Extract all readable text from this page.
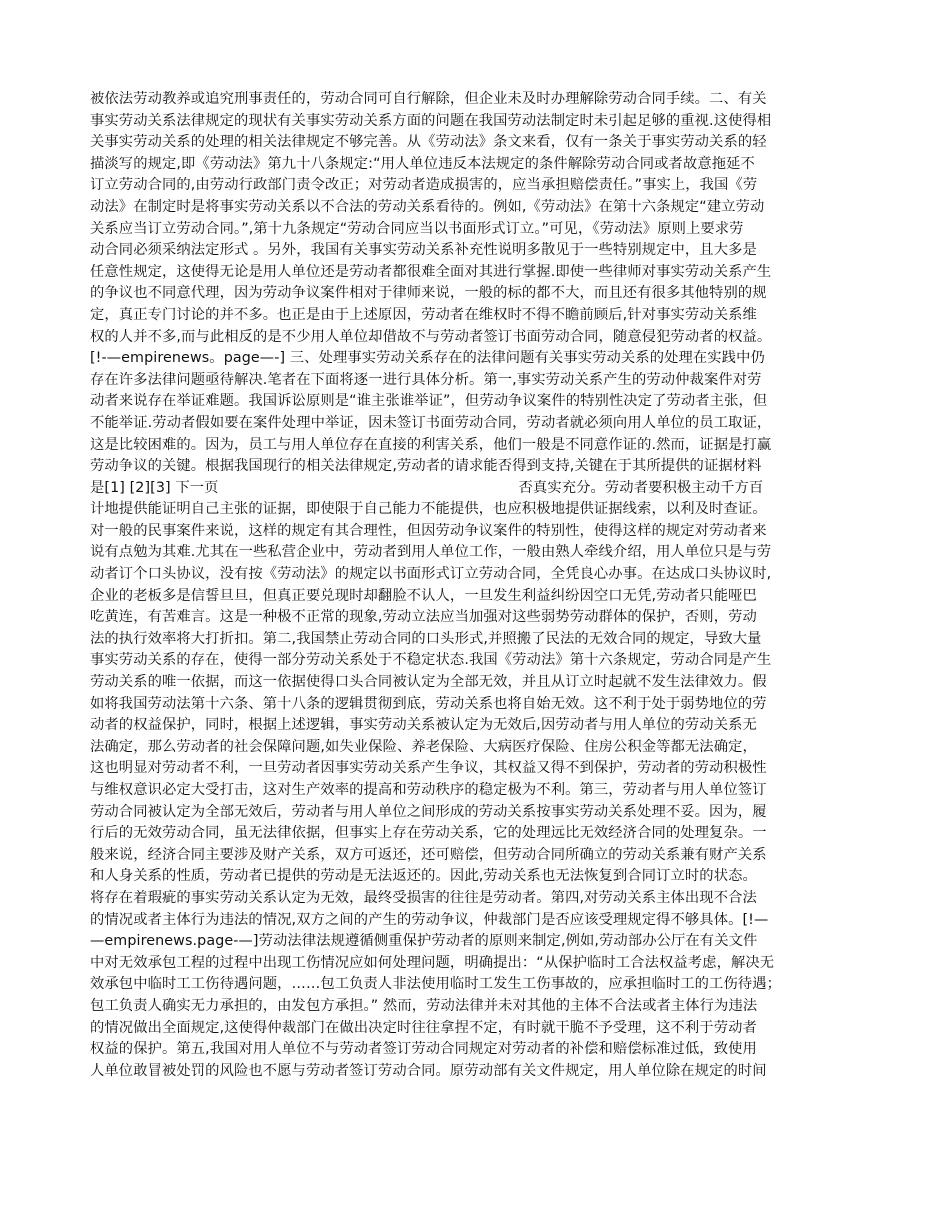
被依法劳动教养或追究刑事责任的，劳动合同可自行解除，但企业未及时办理解除劳动合同手续。二、有关
事实劳动关系法律规定的现状有关事实劳动关系方面的问题在我国劳动法制定时未引起足够的重视.这使得相
关事实劳动关系的处理的相关法律规定不够完善。从《劳动法》条文来看，仅有一条关于事实劳动关系的轻
描淡写的规定,即《劳动法》第九十八条规定:“用人单位违反本法规定的条件解除劳动合同或者故意拖延不
订立劳动合同的,由劳动行政部门责令改正；对劳动者造成损害的，应当承担赔偿责任。”事实上，我国《劳
动法》在制定时是将事实劳动关系以不合法的劳动关系看待的。例如,《劳动法》在第十六条规定“建立劳动
关系应当订立劳动合同。”,第十九条规定“劳动合同应当以书面形式订立。”可见，《劳动法》原则上要求劳
动合同必须采纳法定形式 。另外，我国有关事实劳动关系补充性说明多散见于一些特别规定中，且大多是
任意性规定，这使得无论是用人单位还是劳动者都很难全面对其进行掌握.即使一些律师对事实劳动关系产生
的争议也不同意代理，因为劳动争议案件相对于律师来说，一般的标的都不大，而且还有很多其他特别的规
定，真正专门讨论的并不多。也正是由于上述原因，劳动者在维权时不得不瞻前顾后,针对事实劳动关系维
权的人并不多,而与此相反的是不少用人单位却借故不与劳动者签订书面劳动合同，随意侵犯劳动者的权益。
[!-—empirenews。page—-] 三、处理事实劳动关系存在的法律问题有关事实劳动关系的处理在实践中仍
存在许多法律问题亟待解决.笔者在下面将逐一进行具体分析。第一,事实劳动关系产生的劳动仲裁案件对劳
动者来说存在举证难题。我国诉讼原则是“谁主张谁举证”，但劳动争议案件的特别性决定了劳动者主张，但
不能举证.劳动者假如要在案件处理中举证，因未签订书面劳动合同，劳动者就必须向用人单位的员工取证，
这是比较困难的。因为，员工与用人单位存在直接的利害关系，他们一般是不同意作证的.然而，证据是打赢
劳动争议的关键。根据我国现行的相关法律规定,劳动者的请求能否得到支持,关键在于其所提供的证据材料
是[1] [2][3] 下一页	否真实充分。劳动者要积极主动千方百
计地提供能证明自己主张的证据，即使限于自己能力不能提供，也应积极地提供证据线索，以利及时查证。
对一般的民事案件来说，这样的规定有其合理性，但因劳动争议案件的特别性，使得这样的规定对劳动者来
说有点勉为其难.尤其在一些私营企业中，劳动者到用人单位工作，一般由熟人牵线介绍，用人单位只是与劳
动者订个口头协议，没有按《劳动法》的规定以书面形式订立劳动合同，全凭良心办事。在达成口头协议时,
企业的老板多是信誓旦旦，但真正要兑现时却翻脸不认人，一旦发生利益纠纷因空口无凭,劳动者只能哑巴
吃黄连，有苦难言。这是一种极不正常的现象,劳动立法应当加强对这些弱势劳动群体的保护，否则，劳动
法的执行效率将大打折扣。第二,我国禁止劳动合同的口头形式,并照搬了民法的无效合同的规定，导致大量
事实劳动关系的存在，使得一部分劳动关系处于不稳定状态.我国《劳动法》第十六条规定，劳动合同是产生
劳动关系的唯一依据，而这一依据使得口头合同被认定为全部无效，并且从订立时起就不发生法律效力。假
如将我国劳动法第十六条、第十八条的逻辑贯彻到底，劳动关系也将自始无效。这不利于处于弱势地位的劳
动者的权益保护，同时，根据上述逻辑，事实劳动关系被认定为无效后,因劳动者与用人单位的劳动关系无
法确定，那么劳动者的社会保障问题,如失业保险、养老保险、大病医疗保险、住房公积金等都无法确定，
这也明显对劳动者不利，一旦劳动者因事实劳动关系产生争议，其权益又得不到保护，劳动者的劳动积极性
与维权意识必定大受打击，这对生产效率的提高和劳动秩序的稳定极为不利。第三，劳动者与用人单位签订
劳动合同被认定为全部无效后，劳动者与用人单位之间形成的劳动关系按事实劳动关系处理不妥。因为，履
行后的无效劳动合同，虽无法律依据，但事实上存在劳动关系，它的处理远比无效经济合同的处理复杂。一
般来说，经济合同主要涉及财产关系，双方可返还，还可赔偿，但劳动合同所确立的劳动关系兼有财产关系
和人身关系的性质，劳动者已提供的劳动是无法返还的。因此,劳动关系也无法恢复到合同订立时的状态。
将存在着瑕疵的事实劳动关系认定为无效，最终受损害的往往是劳动者。第四,对劳动关系主体出现不合法
的情况或者主体行为违法的情况,双方之间的产生的劳动争议，仲裁部门是否应该受理规定得不够具体。[!—
—empirenews.page-—]劳动法律法规遵循侧重保护劳动者的原则来制定,例如,劳动部办公厅在有关文件
中对无效承包工程的过程中出现工伤情况应如何处理问题，明确提出：“从保护临时工合法权益考虑，解决无
效承包中临时工工伤待遇问题，……包工负责人非法使用临时工发生工伤事故的，应承担临时工的工伤待遇；
包工负责人确实无力承担的，由发包方承担。” 然而，劳动法律并未对其他的主体不合法或者主体行为违法
的情况做出全面规定,这使得仲裁部门在做出决定时往往拿捏不定，有时就干脆不予受理，这不利于劳动者
权益的保护。第五,我国对用人单位不与劳动者签订劳动合同规定对劳动者的补偿和赔偿标准过低，致使用
人单位敢冒被处罚的风险也不愿与劳动者签订劳动合同。原劳动部有关文件规定，用人单位除在规定的时间
